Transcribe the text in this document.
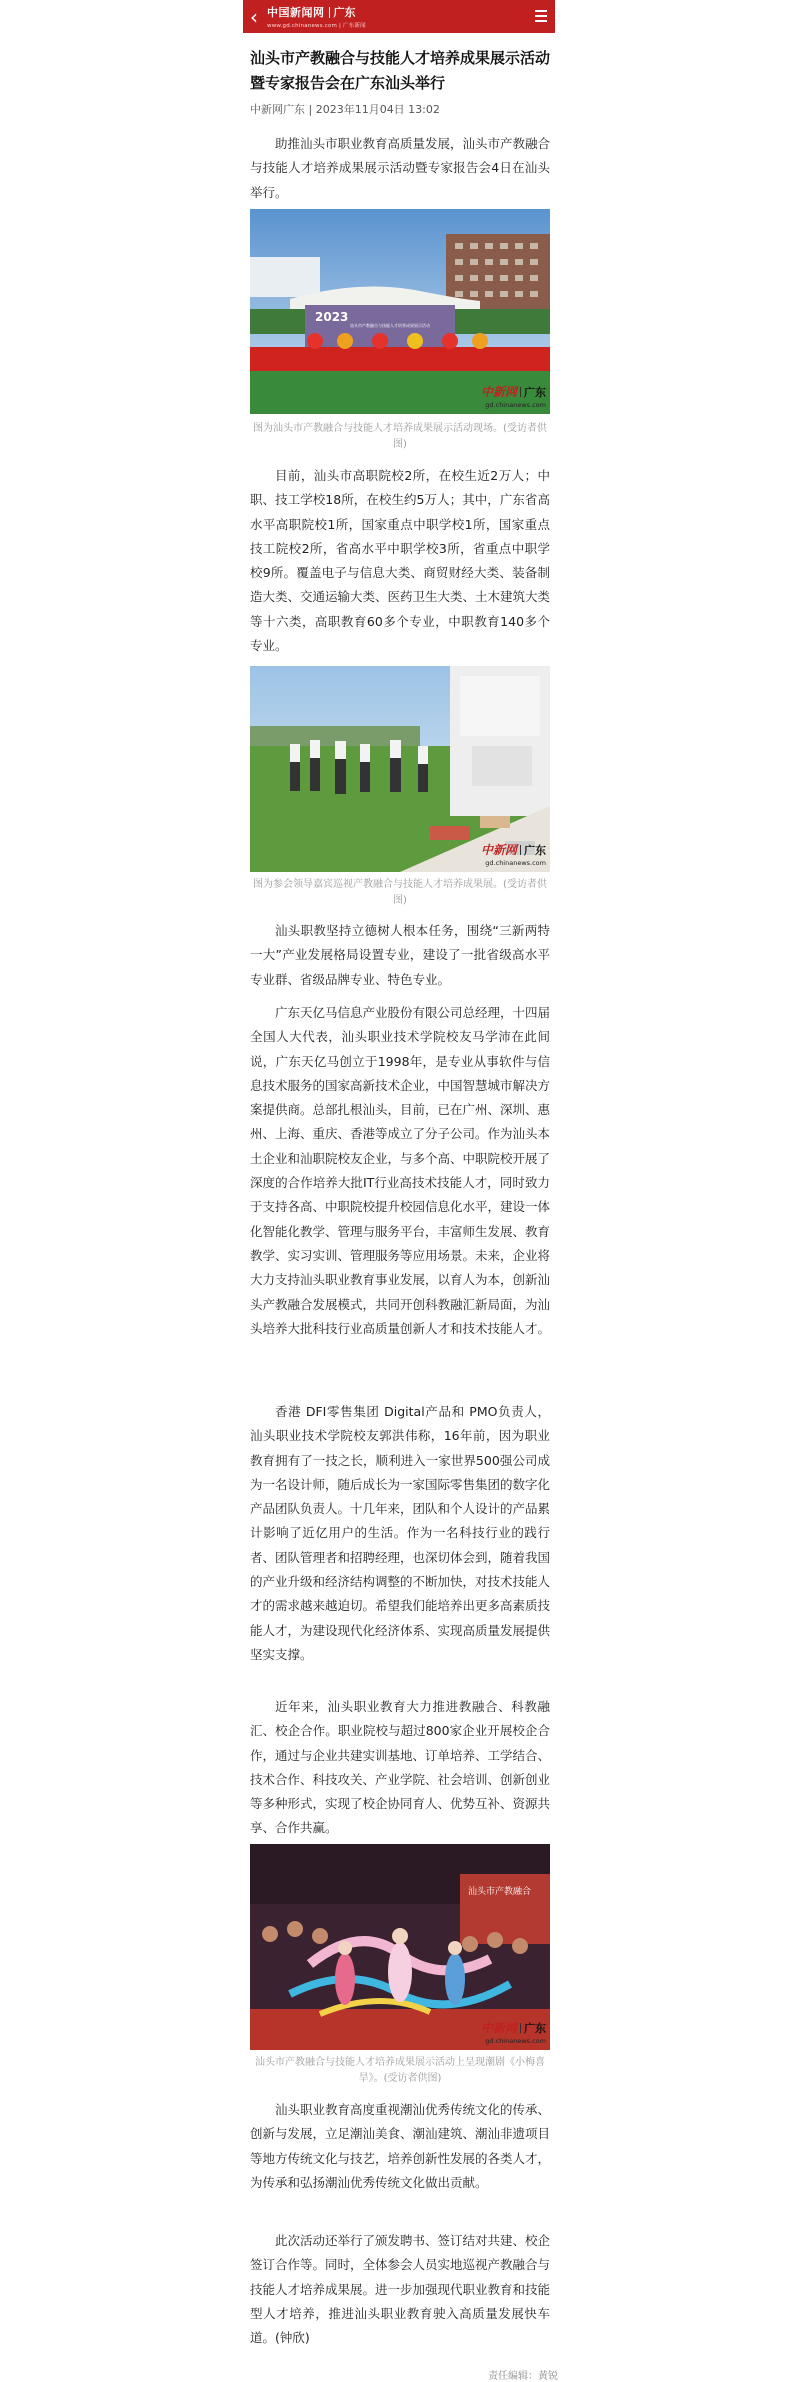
‹ 中国新闻网 广东
www.gd.chinanews.com | 广东新闻
汕头市产教融合与技能人才培养成果展示活动暨专家报告会在广东汕头举行
中新网广东 | 2023年11月04日 13:02

助推汕头市职业教育高质量发展，汕头市产教融合与技能人才培养成果展示活动暨专家报告会4日在汕头举行。

2023
汕头市产教融合与技能人才培养成果展示活动
中新网 广东
gd.chinanews.com
图为汕头市产教融合与技能人才培养成果展示活动现场。(受访者供图)

目前，汕头市高职院校2所，在校生近2万人；中职、技工学校18所，在校生约5万人；其中，广东省高水平高职院校1所，国家重点中职学校1所，国家重点技工院校2所，省高水平中职学校3所，省重点中职学校9所。覆盖电子与信息大类、商贸财经大类、装备制造大类、交通运输大类、医药卫生大类、土木建筑大类等十六类，高职教育60多个专业，中职教育140多个专业。

中新网 广东
gd.chinanews.com
图为参会领导嘉宾巡视产教融合与技能人才培养成果展。(受访者供图)

汕头职教坚持立德树人根本任务，围绕“三新两特一大”产业发展格局设置专业，建设了一批省级高水平专业群、省级品牌专业、特色专业。

广东天亿马信息产业股份有限公司总经理，十四届全国人大代表，汕头职业技术学院校友马学沛在此间说，广东天亿马创立于1998年，是专业从事软件与信息技术服务的国家高新技术企业，中国智慧城市解决方案提供商。总部扎根汕头，目前，已在广州、深圳、惠州、上海、重庆、香港等成立了分子公司。作为汕头本土企业和汕职院校友企业，与多个高、中职院校开展了深度的合作培养大批IT行业高技术技能人才，同时致力于支持各高、中职院校提升校园信息化水平，建设一体化智能化教学、管理与服务平台，丰富师生发展、教育教学、实习实训、管理服务等应用场景。未来，企业将大力支持汕头职业教育事业发展，以育人为本，创新汕头产教融合发展模式，共同开创科教融汇新局面，为汕头培养大批科技行业高质量创新人才和技术技能人才。

香港 DFI零售集团 Digital产品和 PMO负责人，汕头职业技术学院校友郭洪伟称，16年前，因为职业教育拥有了一技之长，顺利进入一家世界500强公司成为一名设计师，随后成长为一家国际零售集团的数字化产品团队负责人。十几年来，团队和个人设计的产品累计影响了近亿用户的生活。作为一名科技行业的践行者、团队管理者和招聘经理，也深切体会到，随着我国的产业升级和经济结构调整的不断加快，对技术技能人才的需求越来越迫切。希望我们能培养出更多高素质技能人才，为建设现代化经济体系、实现高质量发展提供坚实支撑。

近年来，汕头职业教育大力推进教融合、科教融汇、校企合作。职业院校与超过800家企业开展校企合作，通过与企业共建实训基地、订单培养、工学结合、技术合作、科技攻关、产业学院、社会培训、创新创业等多种形式，实现了校企协同育人、优势互补、资源共享、合作共赢。

汕头市产教融合
中新网 广东
gd.chinanews.com
汕头市产教融合与技能人才培养成果展示活动上呈现潮剧《小梅喜旱》。(受访者供图)

汕头职业教育高度重视潮汕优秀传统文化的传承、创新与发展，立足潮汕美食、潮汕建筑、潮汕非遗项目等地方传统文化与技艺，培养创新性发展的各类人才，为传承和弘扬潮汕优秀传统文化做出贡献。

此次活动还举行了颁发聘书、签订结对共建、校企签订合作等。同时，全体参会人员实地巡视产教融合与技能人才培养成果展。进一步加强现代职业教育和技能型人才培养，推进汕头职业教育驶入高质量发展快车道。(钟欣)

责任编辑：黄锐
